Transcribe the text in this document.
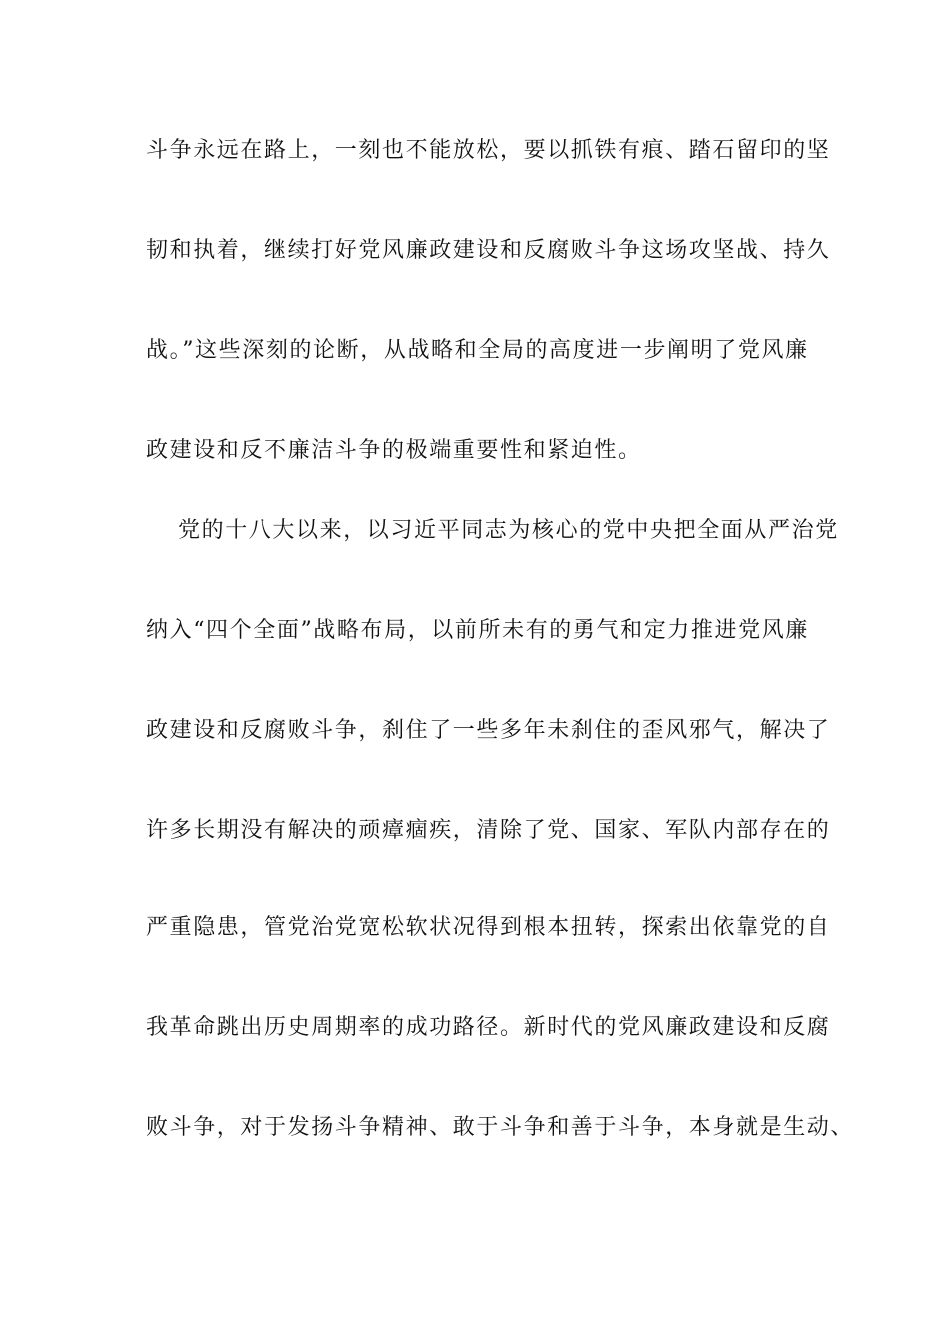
斗争永远在路上，一刻也不能放松，要以抓铁有痕、踏石留印的坚
韧和执着，继续打好党风廉政建设和反腐败斗争这场攻坚战、持久
战。”这些深刻的论断，从战略和全局的高度进一步阐明了党风廉
政建设和反不廉洁斗争的极端重要性和紧迫性。
党的十八大以来，以习近平同志为核心的党中央把全面从严治党
纳入“四个全面”战略布局，以前所未有的勇气和定力推进党风廉
政建设和反腐败斗争，刹住了一些多年未刹住的歪风邪气，解决了
许多长期没有解决的顽瘴痼疾，清除了党、国家、军队内部存在的
严重隐患，管党治党宽松软状况得到根本扭转，探索出依靠党的自
我革命跳出历史周期率的成功路径。新时代的党风廉政建设和反腐
败斗争，对于发扬斗争精神、敢于斗争和善于斗争，本身就是生动、
